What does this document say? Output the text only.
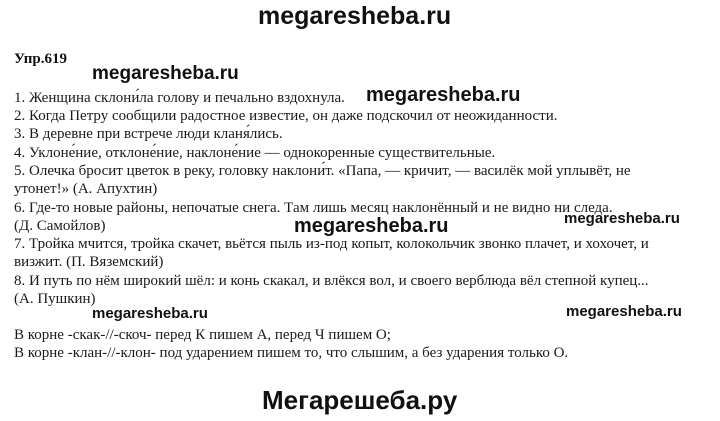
megaresheba.ru
Упр.619
1. Женщина склони́ла голову и печально вздохнула.
2. Когда Петру сообщили радостное известие, он даже подскочил от неожиданности.
3. В деревне при встрече люди кланя́лись.
4. Уклоне́ние, отклоне́ние, наклоне́ние — однокоренные существительные.
5. Олечка бросит цветок в реку, головку наклони́т. «Папа, — кричит, — василёк мой уплывёт, не
утонет!» (А. Апухтин)
6. Где-то новые районы, непочатые снега. Там лишь месяц наклонённый и не видно ни следа.
(Д. Самойлов)
7. Тройка мчится, тройка скачет, вьётся пыль из-под копыт, колокольчик звонко плачет, и хохочет, и
визжит. (П. Вяземский)
8. И путь по нём широкий шёл: и конь скакал, и влёкся вол, и своего верблюда вёл степной купец...
(А. Пушкин)
В корне -скак-//-скоч- перед К пишем А, перед Ч пишем О;
В корне -клан-//-клон- под ударением пишем то, что слышим, а без ударения только О.
megaresheba.ru
megaresheba.ru
megaresheba.ru	megaresheba.ru
megaresheba.ru
megaresheba.ru
Мегарешеба.ру
